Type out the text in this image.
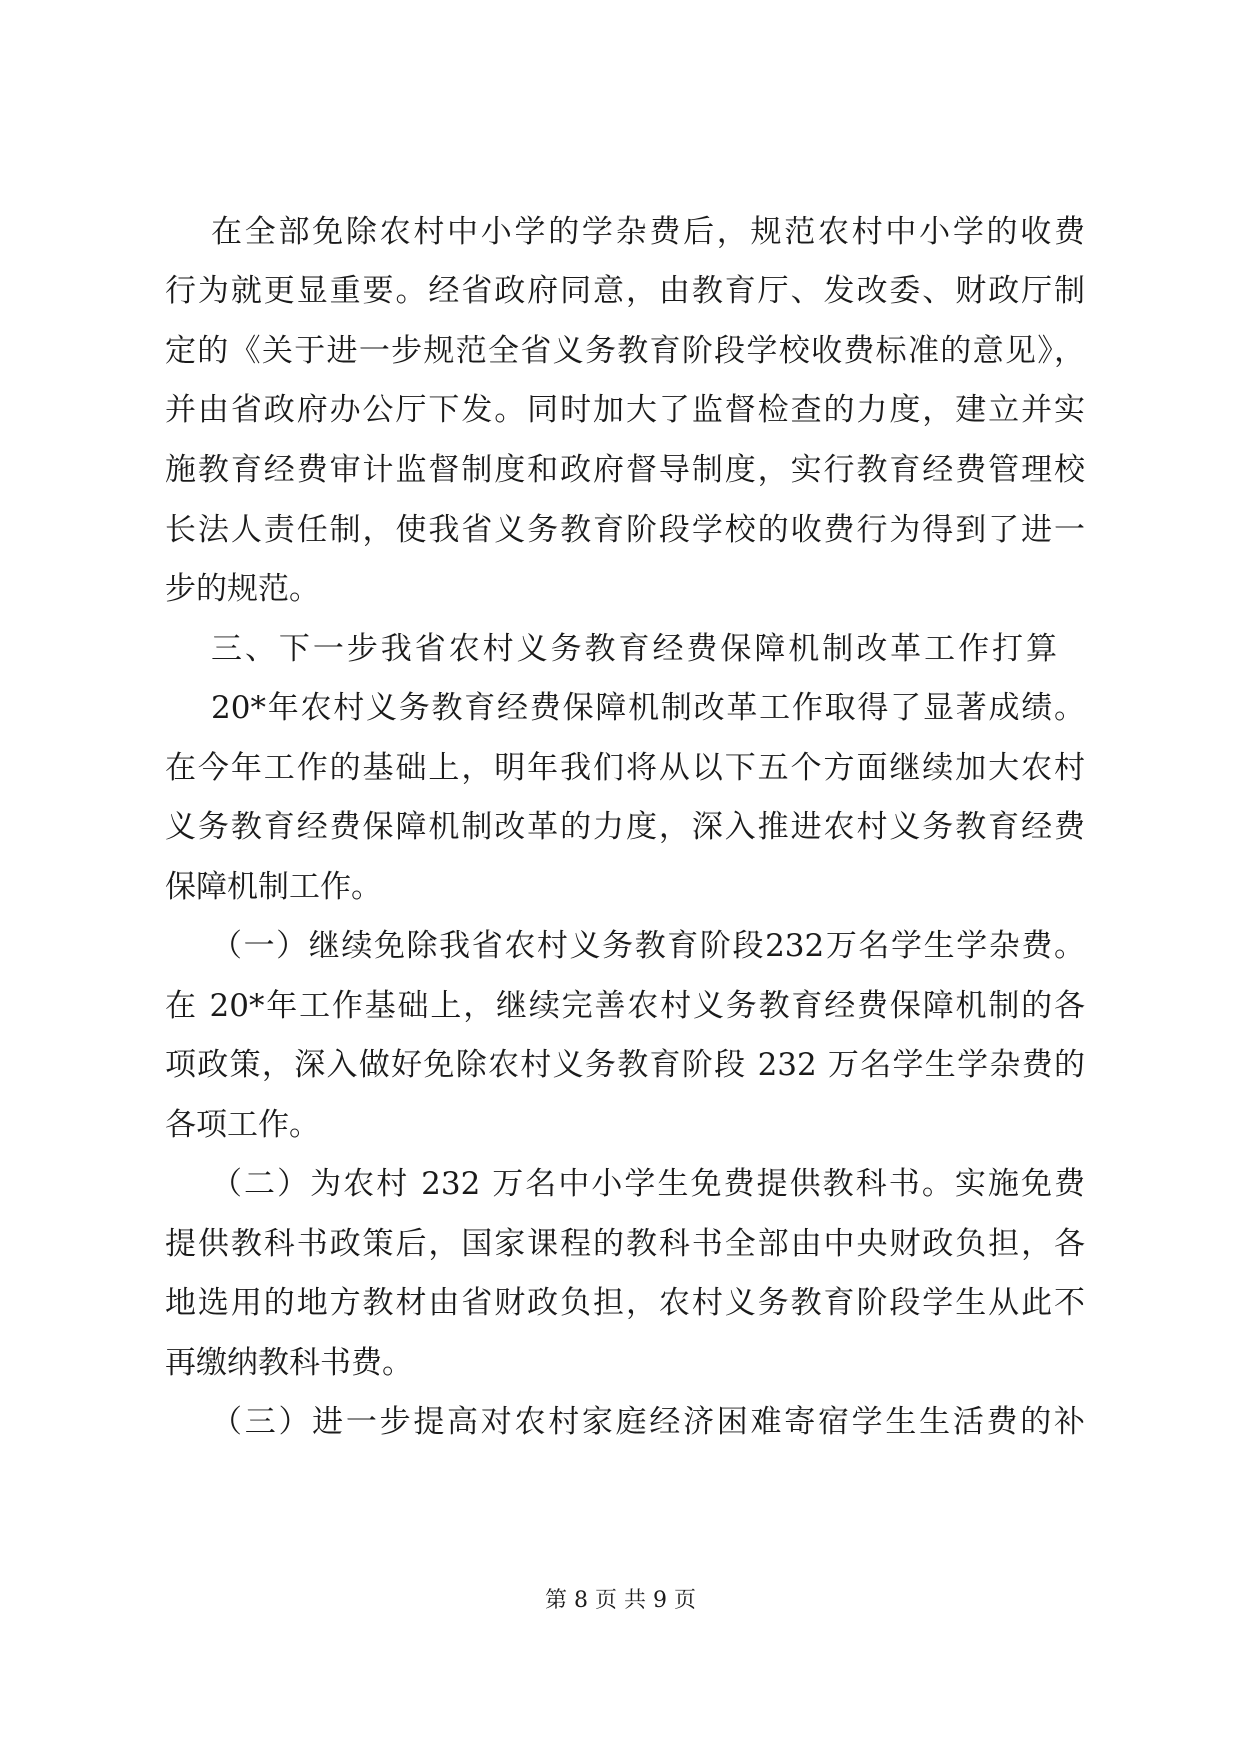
在全部免除农村中小学的学杂费后，规范农村中小学的收费
行为就更显重要。经省政府同意，由教育厅、发改委、财政厅制
定的《关于进一步规范全省义务教育阶段学校收费标准的意见》，
并由省政府办公厅下发。同时加大了监督检查的力度，建立并实
施教育经费审计监督制度和政府督导制度，实行教育经费管理校
长法人责任制，使我省义务教育阶段学校的收费行为得到了进一
步的规范。
三、下一步我省农村义务教育经费保障机制改革工作打算
20*年农村义务教育经费保障机制改革工作取得了显著成绩。
在今年工作的基础上，明年我们将从以下五个方面继续加大农村
义务教育经费保障机制改革的力度，深入推进农村义务教育经费
保障机制工作。
（一）继续免除我省农村义务教育阶段232万名学生学杂费。
在 20*年工作基础上，继续完善农村义务教育经费保障机制的各
项政策，深入做好免除农村义务教育阶段 232 万名学生学杂费的
各项工作。
（二）为农村 232 万名中小学生免费提供教科书。实施免费
提供教科书政策后，国家课程的教科书全部由中央财政负担，各
地选用的地方教材由省财政负担，农村义务教育阶段学生从此不
再缴纳教科书费。
（三）进一步提高对农村家庭经济困难寄宿学生生活费的补
第 8 页 共 9 页
